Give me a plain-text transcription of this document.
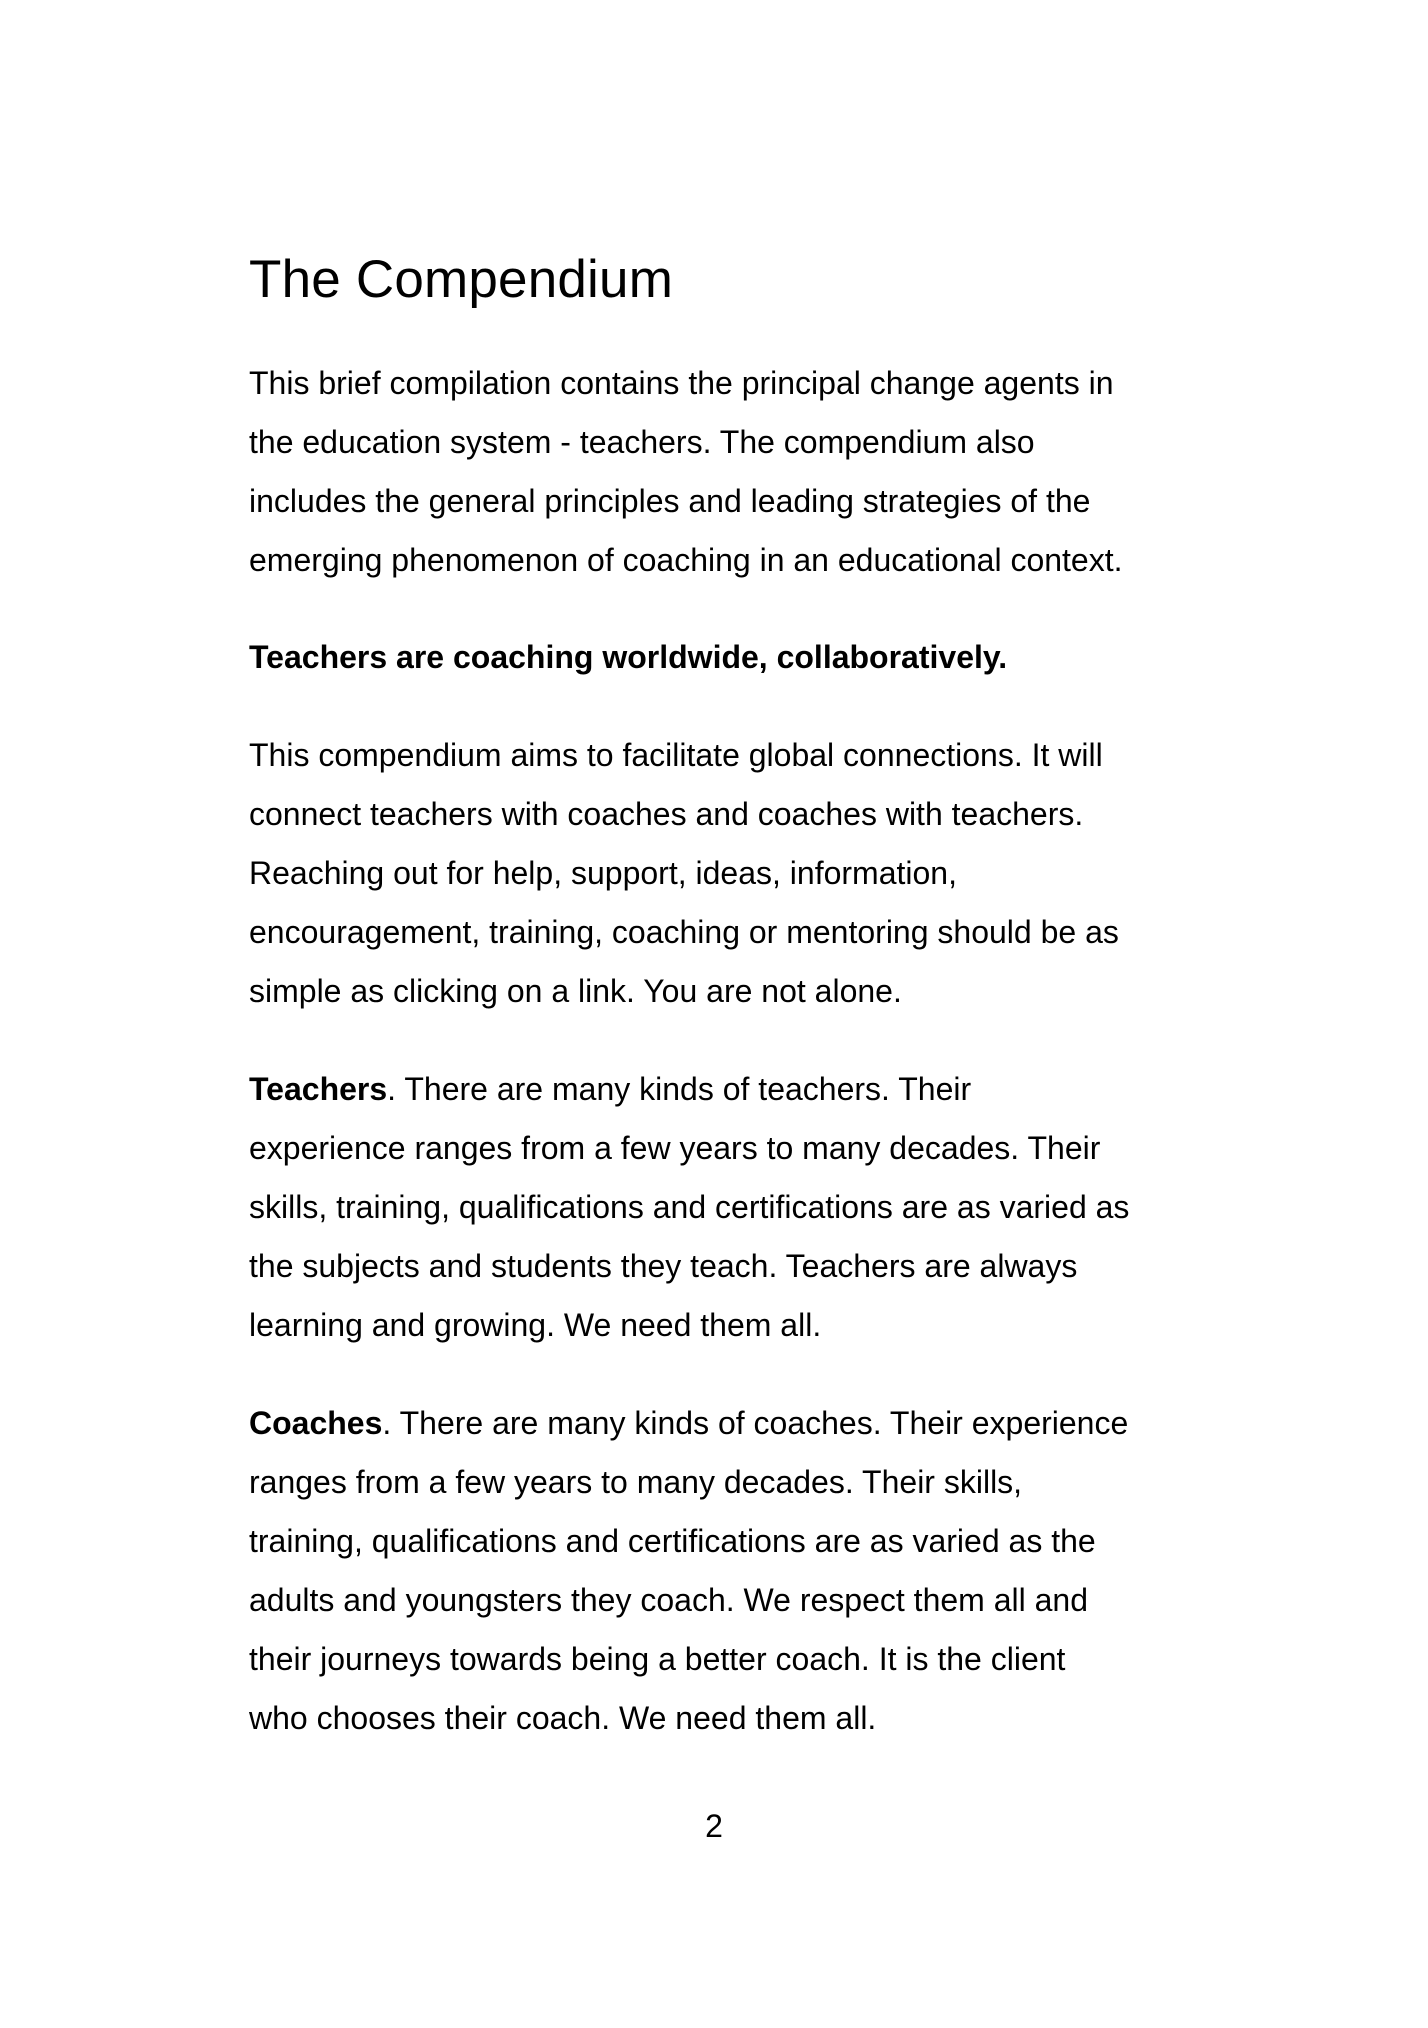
The Compendium

This brief compilation contains the principal change agents in
the education system - teachers. The compendium also
includes the general principles and leading strategies of the
emerging phenomenon of coaching in an educational context.

Teachers are coaching worldwide, collaboratively.

This compendium aims to facilitate global connections. It will
connect teachers with coaches and coaches with teachers.
Reaching out for help, support, ideas, information,
encouragement, training, coaching or mentoring should be as
simple as clicking on a link. You are not alone.

Teachers. There are many kinds of teachers. Their
experience ranges from a few years to many decades. Their
skills, training, qualifications and certifications are as varied as
the subjects and students they teach. Teachers are always
learning and growing. We need them all.

Coaches. There are many kinds of coaches. Their experience
ranges from a few years to many decades. Their skills,
training, qualifications and certifications are as varied as the
adults and youngsters they coach. We respect them all and
their journeys towards being a better coach. It is the client
who chooses their coach. We need them all.

2
